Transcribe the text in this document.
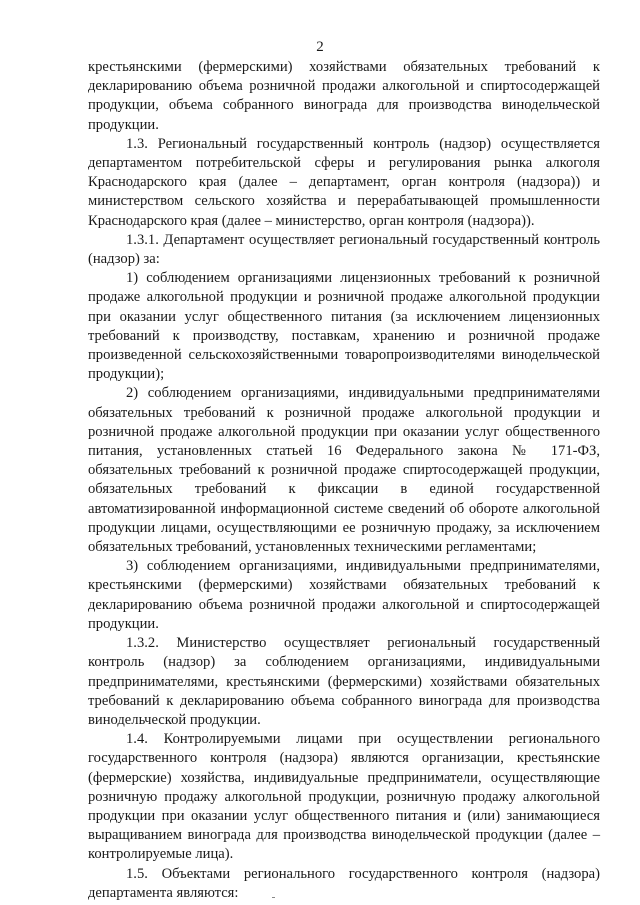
2

крестьянскими (фермерскими) хозяйствами обязательных требований к декларированию объема розничной продажи алкогольной и спиртосодержащей продукции, объема собранного винограда для производства винодельческой продукции.

1.3. Региональный государственный контроль (надзор) осуществляется департаментом потребительской сферы и регулирования рынка алкоголя Краснодарского края (далее – департамент, орган контроля (надзора)) и министерством сельского хозяйства и перерабатывающей промышленности Краснодарского края (далее – министерство, орган контроля (надзора)).

1.3.1. Департамент осуществляет региональный государственный контроль (надзор) за:

1) соблюдением организациями лицензионных требований к розничной продаже алкогольной продукции и розничной продаже алкогольной продукции при оказании услуг общественного питания (за исключением лицензионных требований к производству, поставкам, хранению и розничной продаже произведенной сельскохозяйственными товаропроизводителями винодельческой продукции);

2) соблюдением организациями, индивидуальными предпринимателями обязательных требований к розничной продаже алкогольной продукции и розничной продаже алкогольной продукции при оказании услуг общественного питания, установленных статьей 16 Федерального закона № 171-ФЗ, обязательных требований к розничной продаже спиртосодержащей продукции, обязательных требований к фиксации в единой государственной автоматизированной информационной системе сведений об обороте алкогольной продукции лицами, осуществляющими ее розничную продажу, за исключением обязательных требований, установленных техническими регламентами;

3) соблюдением организациями, индивидуальными предпринимателями, крестьянскими (фермерскими) хозяйствами обязательных требований к декларированию объема розничной продажи алкогольной и спиртосодержащей продукции.

1.3.2. Министерство осуществляет региональный государственный контроль (надзор) за соблюдением организациями, индивидуальными предпринимателями, крестьянскими (фермерскими) хозяйствами обязательных требований к декларированию объема собранного винограда для производства винодельческой продукции.

1.4. Контролируемыми лицами при осуществлении регионального государственного контроля (надзора) являются организации, крестьянские (фермерские) хозяйства, индивидуальные предприниматели, осуществляющие розничную продажу алкогольной продукции, розничную продажу алкогольной продукции при оказании услуг общественного питания и (или) занимающиеся выращиванием винограда для производства винодельческой продукции (далее – контролируемые лица).

1.5. Объектами регионального государственного контроля (надзора) департамента являются:
